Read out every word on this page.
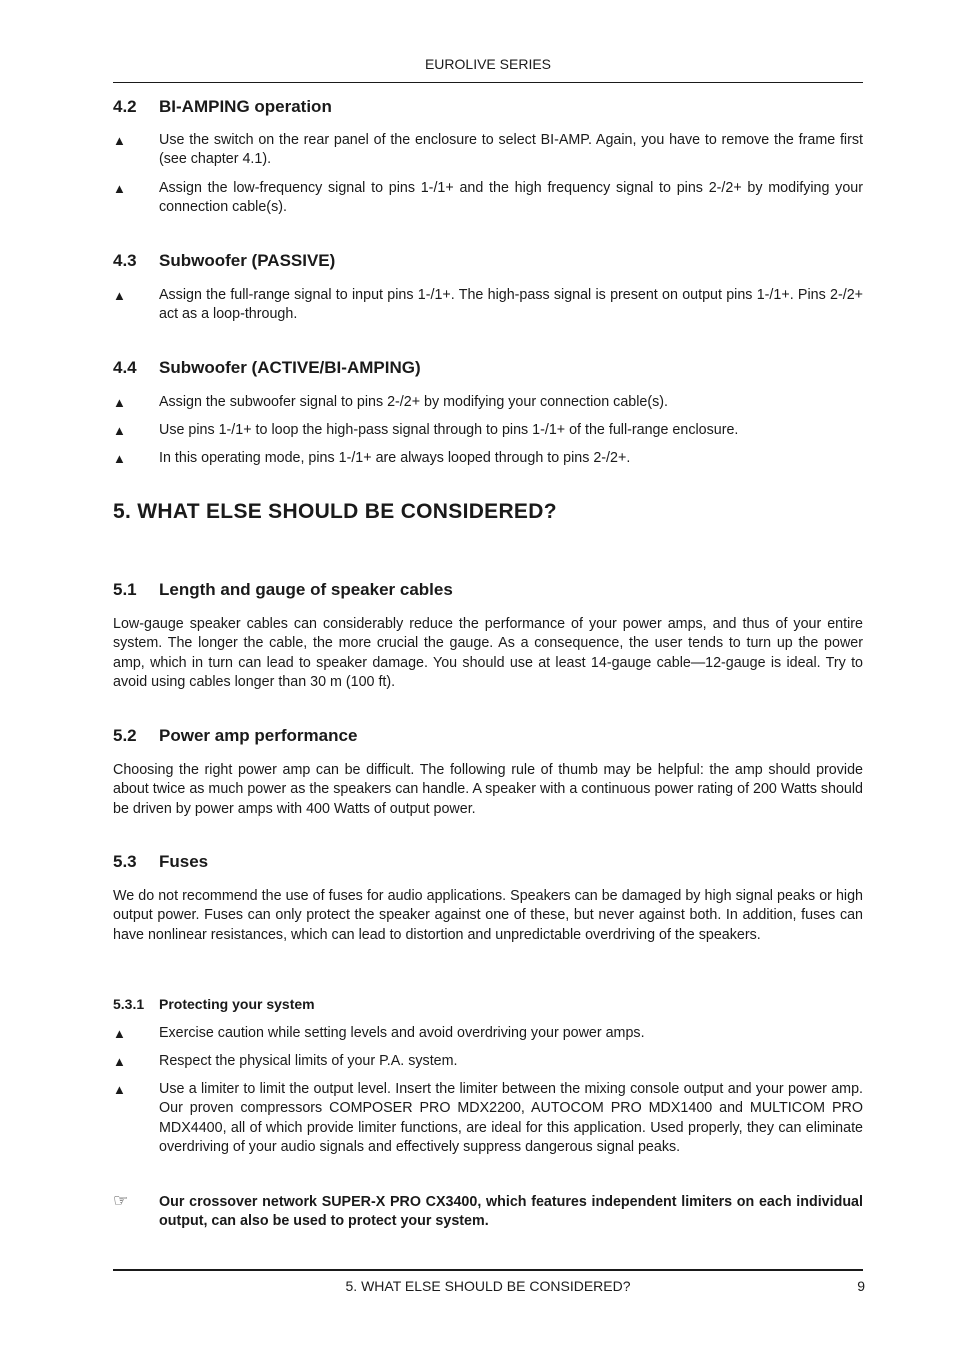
EUROLIVE SERIES
4.2 BI-AMPING operation
▲	Use the switch on the rear panel of the enclosure to select BI-AMP. Again, you have to remove the frame first (see chapter 4.1).
▲	Assign the low-frequency signal to pins 1-/1+ and the high frequency signal to pins 2-/2+ by modifying your connection cable(s).
4.3 Subwoofer (PASSIVE)
▲	Assign the full-range signal to input pins 1-/1+. The high-pass signal is present on output pins 1-/1+. Pins 2-/2+ act as a loop-through.
4.4 Subwoofer (ACTIVE/BI-AMPING)
▲	Assign the subwoofer signal to pins 2-/2+ by modifying your connection cable(s).
▲	Use pins 1-/1+ to loop the high-pass signal through to pins 1-/1+ of the full-range enclosure.
▲	In this operating mode, pins 1-/1+ are always looped through to pins 2-/2+.
5. WHAT ELSE SHOULD BE CONSIDERED?
5.1 Length and gauge of speaker cables
Low-gauge speaker cables can considerably reduce the performance of your power amps, and thus of your entire system. The longer the cable, the more crucial the gauge. As a consequence, the user tends to turn up the power amp, which in turn can lead to speaker damage. You should use at least 14-gauge cable—12-gauge is ideal. Try to avoid using cables longer than 30 m (100 ft).
5.2 Power amp performance
Choosing the right power amp can be difficult. The following rule of thumb may be helpful: the amp should provide about twice as much power as the speakers can handle. A speaker with a continuous power rating of 200 Watts should be driven by power amps with 400 Watts of output power.
5.3 Fuses
We do not recommend the use of fuses for audio applications. Speakers can be damaged by high signal peaks or high output power. Fuses can only protect the speaker against one of these, but never against both. In addition, fuses can have nonlinear resistances, which can lead to distortion and unpredictable overdriving of the speakers.
5.3.1 Protecting your system
▲	Exercise caution while setting levels and avoid overdriving your power amps.
▲	Respect the physical limits of your P.A. system.
▲	Use a limiter to limit the output level. Insert the limiter between the mixing console output and your power amp. Our proven compressors COMPOSER PRO MDX2200, AUTOCOM PRO MDX1400 and MULTICOM PRO MDX4400, all of which provide limiter functions, are ideal for this application. Used properly, they can eliminate overdriving of your audio signals and effectively suppress dangerous signal peaks.
☞	Our crossover network SUPER-X PRO CX3400, which features independent limiters on each individual output, can also be used to protect your system.
5. WHAT ELSE SHOULD BE CONSIDERED?	9
